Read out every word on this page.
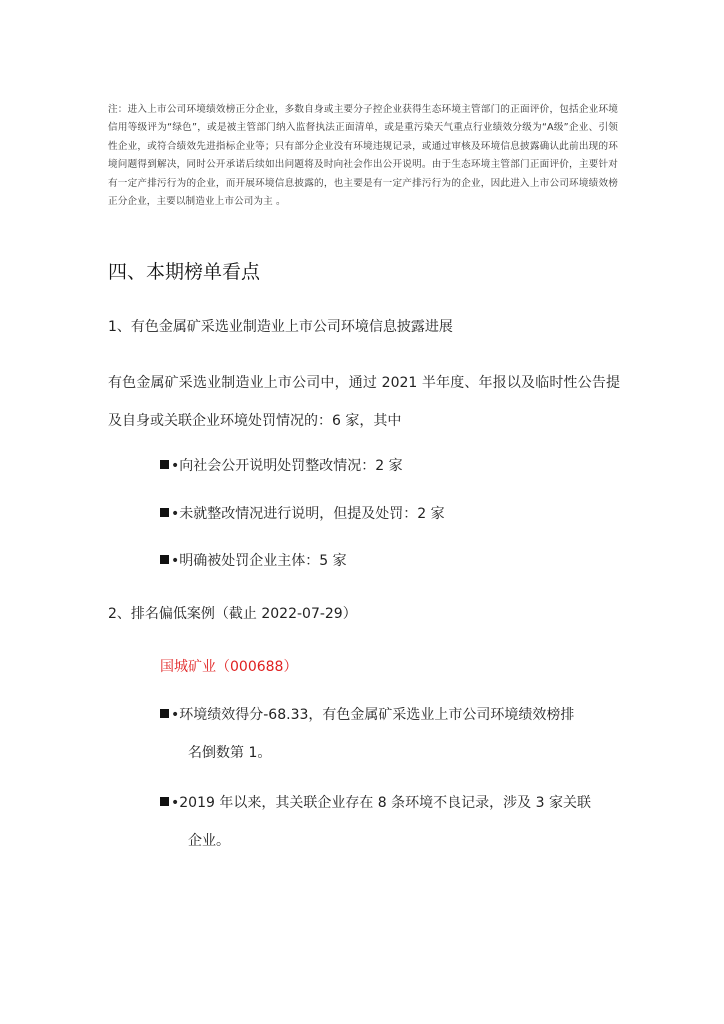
注：进入上市公司环境绩效榜正分企业，多数自身或主要分子控企业获得生态环境主管部门的正面评价，包括企业环境信用等级评为“绿色”，或是被主管部门纳入监督执法正面清单，或是重污染天气重点行业绩效分级为“A级”企业、引领性企业，或符合绩效先进指标企业等；只有部分企业没有环境违规记录，或通过审核及环境信息披露确认此前出现的环境问题得到解决，同时公开承诺后续如出问题将及时向社会作出公开说明。由于生态环境主管部门正面评价，主要针对有一定产排污行为的企业，而开展环境信息披露的，也主要是有一定产排污行为的企业，因此进入上市公司环境绩效榜正分企业，主要以制造业上市公司为主 。

四、本期榜单看点
1、有色金属矿采选业制造业上市公司环境信息披露进展

有色金属矿采选业制造业上市公司中，通过 2021 半年度、年报以及临时性公告提及自身或关联企业环境处罚情况的：6 家，其中

•向社会公开说明处罚整改情况：2 家
•未就整改情况进行说明，但提及处罚：2 家
•明确被处罚企业主体：5 家
2、排名偏低案例（截止 2022-07-29）

国城矿业（000688）

•环境绩效得分-68.33，有色金属矿采选业上市公司环境绩效榜排
名倒数第 1。
•2019 年以来，其关联企业存在 8 条环境不良记录，涉及 3 家关联
企业。
